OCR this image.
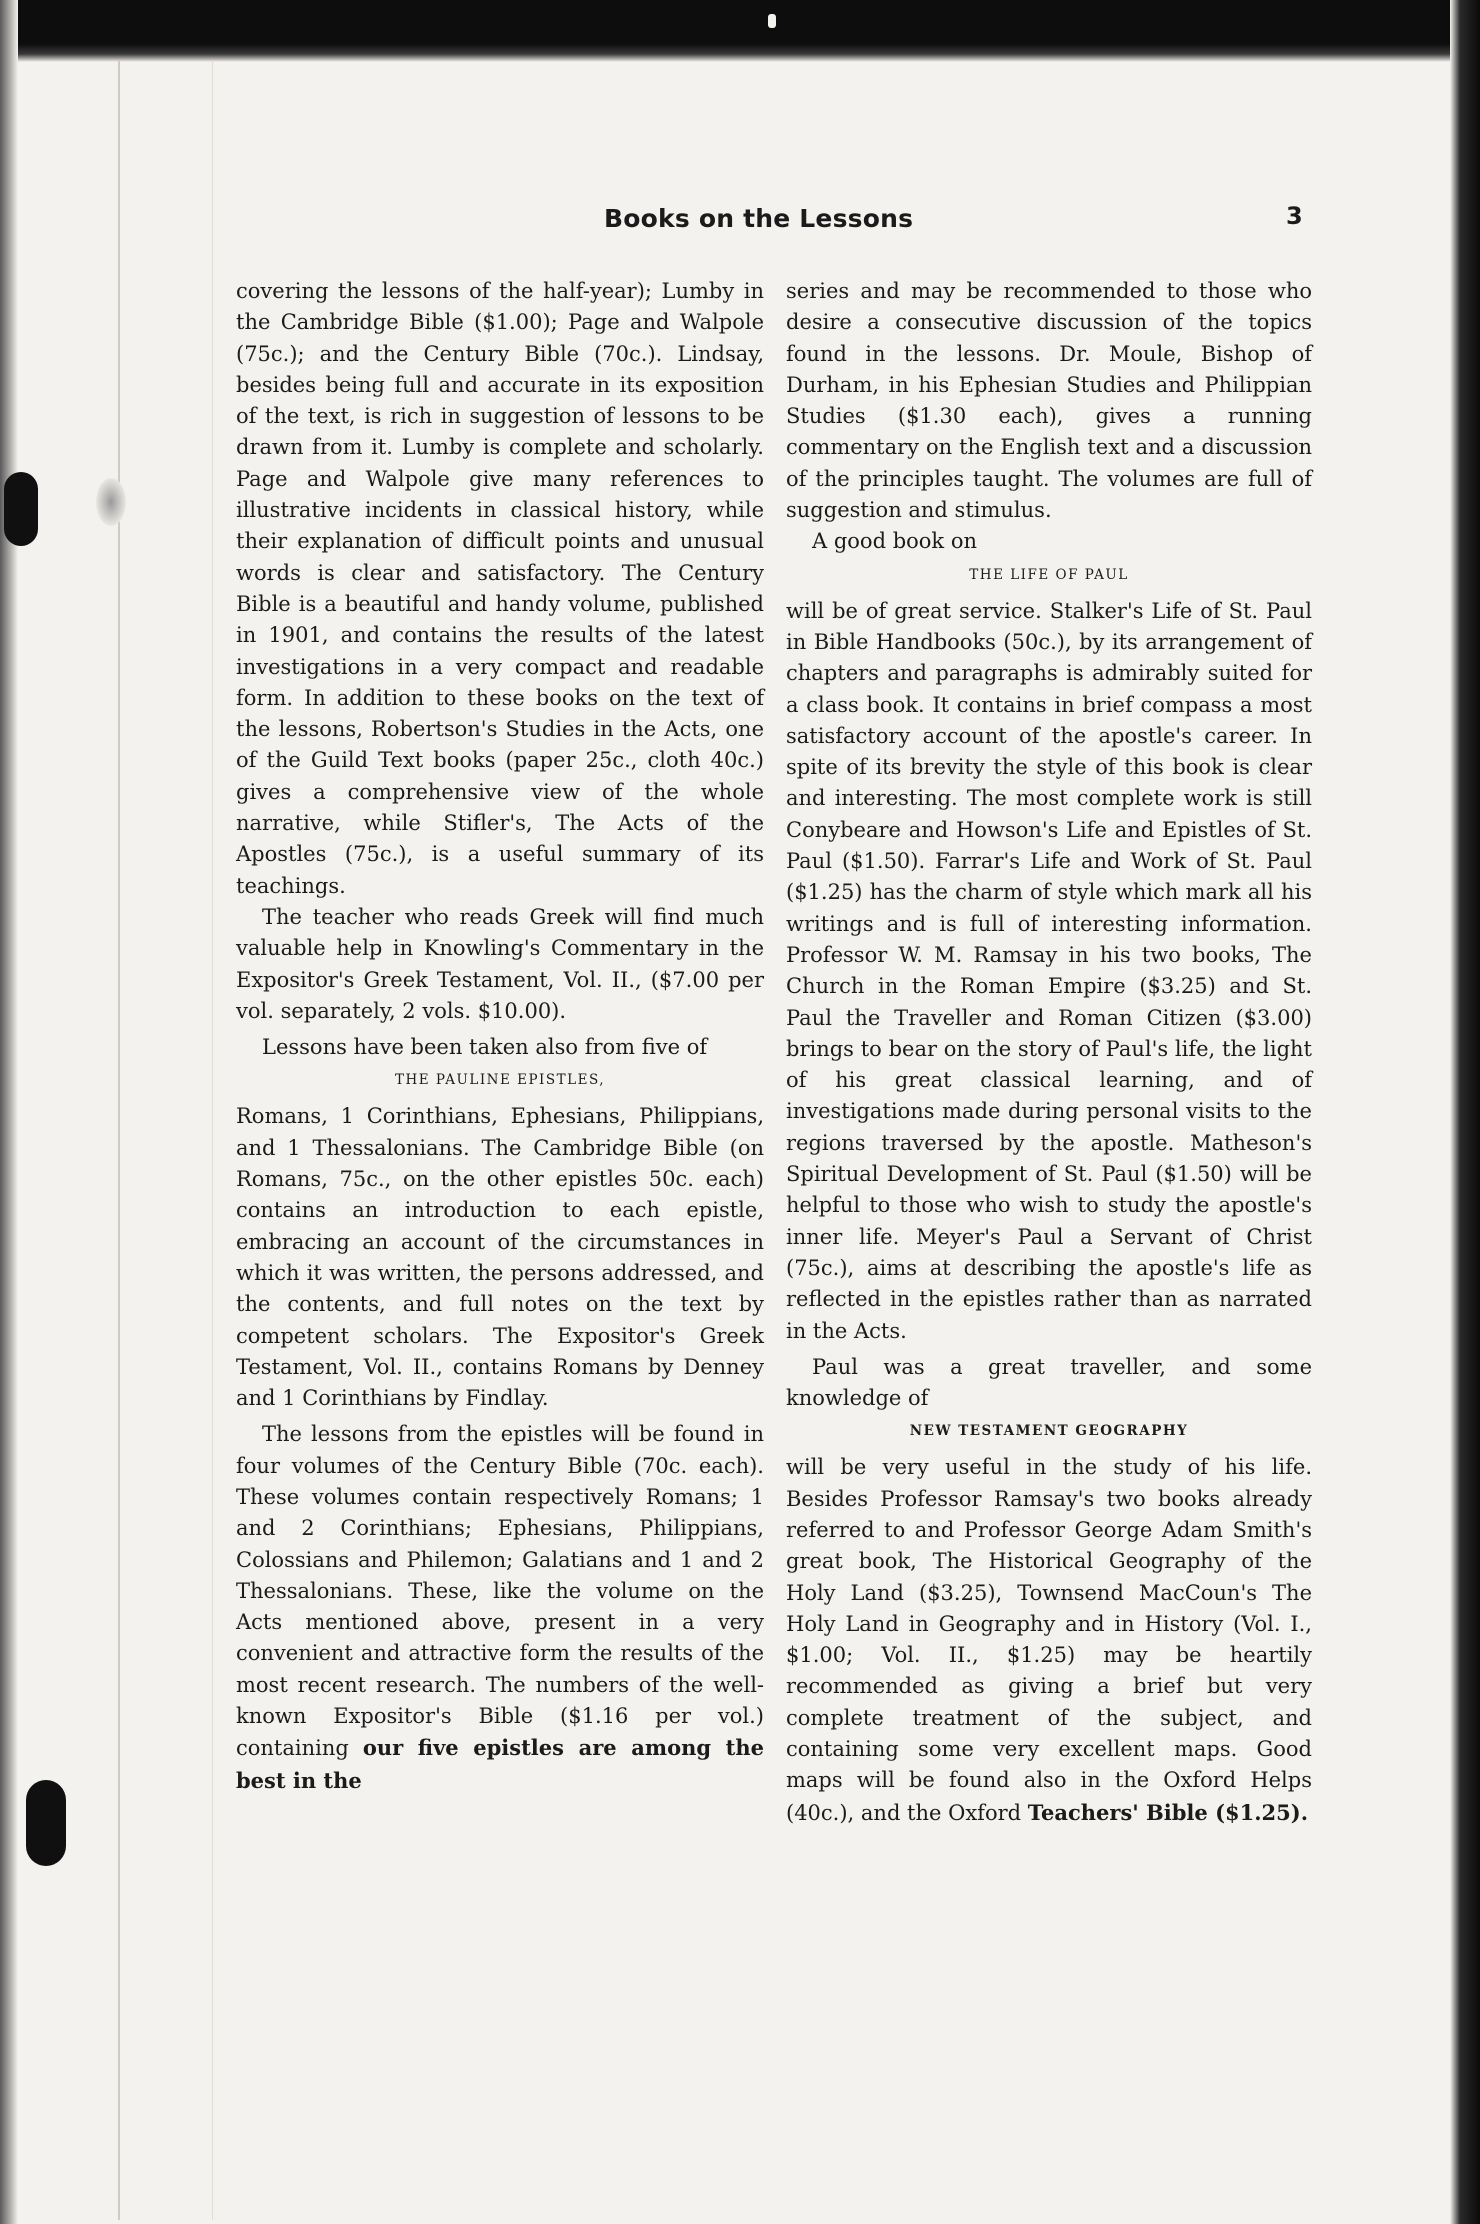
Books on the Lessons	3

covering the lessons of the half-year); Lumby in the Cambridge Bible ($1.00); Page and Walpole (75c.); and the Century Bible (70c.). Lindsay, besides being full and accurate in its exposition of the text, is rich in suggestion of lessons to be drawn from it. Lumby is complete and scholarly. Page and Walpole give many references to illustrative incidents in classical history, while their explanation of difficult points and unusual words is clear and satisfactory. The Century Bible is a beautiful and handy volume, published in 1901, and contains the results of the latest investigations in a very compact and readable form. In addition to these books on the text of the lessons, Robertson's Studies in the Acts, one of the Guild Text books (paper 25c., cloth 40c.) gives a comprehensive view of the whole narrative, while Stifler's, The Acts of the Apostles (75c.), is a useful summary of its teachings.

The teacher who reads Greek will find much valuable help in Knowling's Commentary in the Expositor's Greek Testament, Vol. II., ($7.00 per vol. separately, 2 vols. $10.00).

Lessons have been taken also from five of

THE PAULINE EPISTLES,

Romans, 1 Corinthians, Ephesians, Philippians, and 1 Thessalonians. The Cambridge Bible (on Romans, 75c., on the other epistles 50c. each) contains an introduction to each epistle, embracing an account of the circumstances in which it was written, the persons addressed, and the contents, and full notes on the text by competent scholars. The Expositor's Greek Testament, Vol. II., contains Romans by Denney and 1 Corinthians by Findlay.

The lessons from the epistles will be found in four volumes of the Century Bible (70c. each). These volumes contain respectively Romans; 1 and 2 Corinthians; Ephesians, Philippians, Colossians and Philemon; Galatians and 1 and 2 Thessalonians. These, like the volume on the Acts mentioned above, present in a very convenient and attractive form the results of the most recent research. The numbers of the well-known Expositor's Bible ($1.16 per vol.) containing our five epistles are among the best in the

series and may be recommended to those who desire a consecutive discussion of the topics found in the lessons. Dr. Moule, Bishop of Durham, in his Ephesian Studies and Philippian Studies ($1.30 each), gives a running commentary on the English text and a discussion of the principles taught. The volumes are full of suggestion and stimulus.

A good book on

THE LIFE OF PAUL

will be of great service. Stalker's Life of St. Paul in Bible Handbooks (50c.), by its arrangement of chapters and paragraphs is admirably suited for a class book. It contains in brief compass a most satisfactory account of the apostle's career. In spite of its brevity the style of this book is clear and interesting. The most complete work is still Conybeare and Howson's Life and Epistles of St. Paul ($1.50). Farrar's Life and Work of St. Paul ($1.25) has the charm of style which mark all his writings and is full of interesting information. Professor W. M. Ramsay in his two books, The Church in the Roman Empire ($3.25) and St. Paul the Traveller and Roman Citizen ($3.00) brings to bear on the story of Paul's life, the light of his great classical learning, and of investigations made during personal visits to the regions traversed by the apostle. Matheson's Spiritual Development of St. Paul ($1.50) will be helpful to those who wish to study the apostle's inner life. Meyer's Paul a Servant of Christ (75c.), aims at describing the apostle's life as reflected in the epistles rather than as narrated in the Acts.

Paul was a great traveller, and some knowledge of

NEW TESTAMENT GEOGRAPHY

will be very useful in the study of his life. Besides Professor Ramsay's two books already referred to and Professor George Adam Smith's great book, The Historical Geography of the Holy Land ($3.25), Townsend MacCoun's The Holy Land in Geography and in History (Vol. I., $1.00; Vol. II., $1.25) may be heartily recommended as giving a brief but very complete treatment of the subject, and containing some very excellent maps. Good maps will be found also in the Oxford Helps (40c.), and the Oxford Teachers' Bible ($1.25).
